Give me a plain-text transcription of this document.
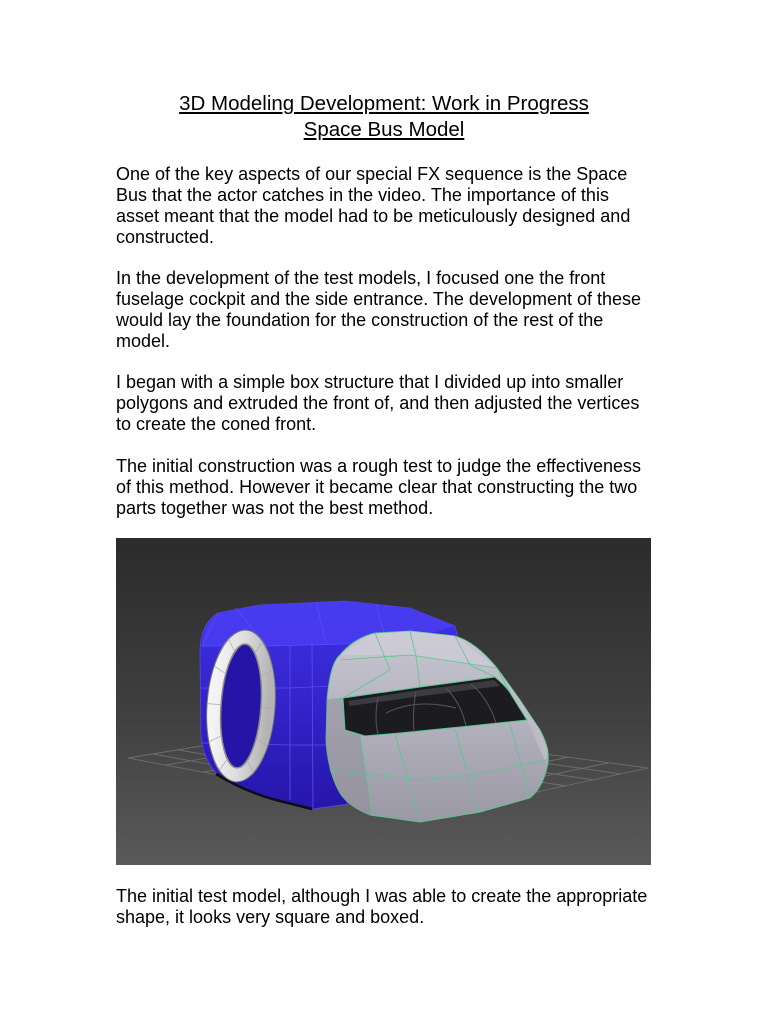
3D Modeling Development: Work in Progress
Space Bus Model
One of the key aspects of our special FX sequence is the Space
Bus that the actor catches in the video. The importance of this
asset meant that the model had to be meticulously designed and
constructed.
In the development of the test models, I focused one the front
fuselage cockpit and the side entrance. The development of these
would lay the foundation for the construction of the rest of the
model.
I began with a simple box structure that I divided up into smaller
polygons and extruded the front of, and then adjusted the vertices
to create the coned front.
The initial construction was a rough test to judge the effectiveness
of this method. However it became clear that constructing the two
parts together was not the best method.
The initial test model, although I was able to create the appropriate
shape, it looks very square and boxed.
